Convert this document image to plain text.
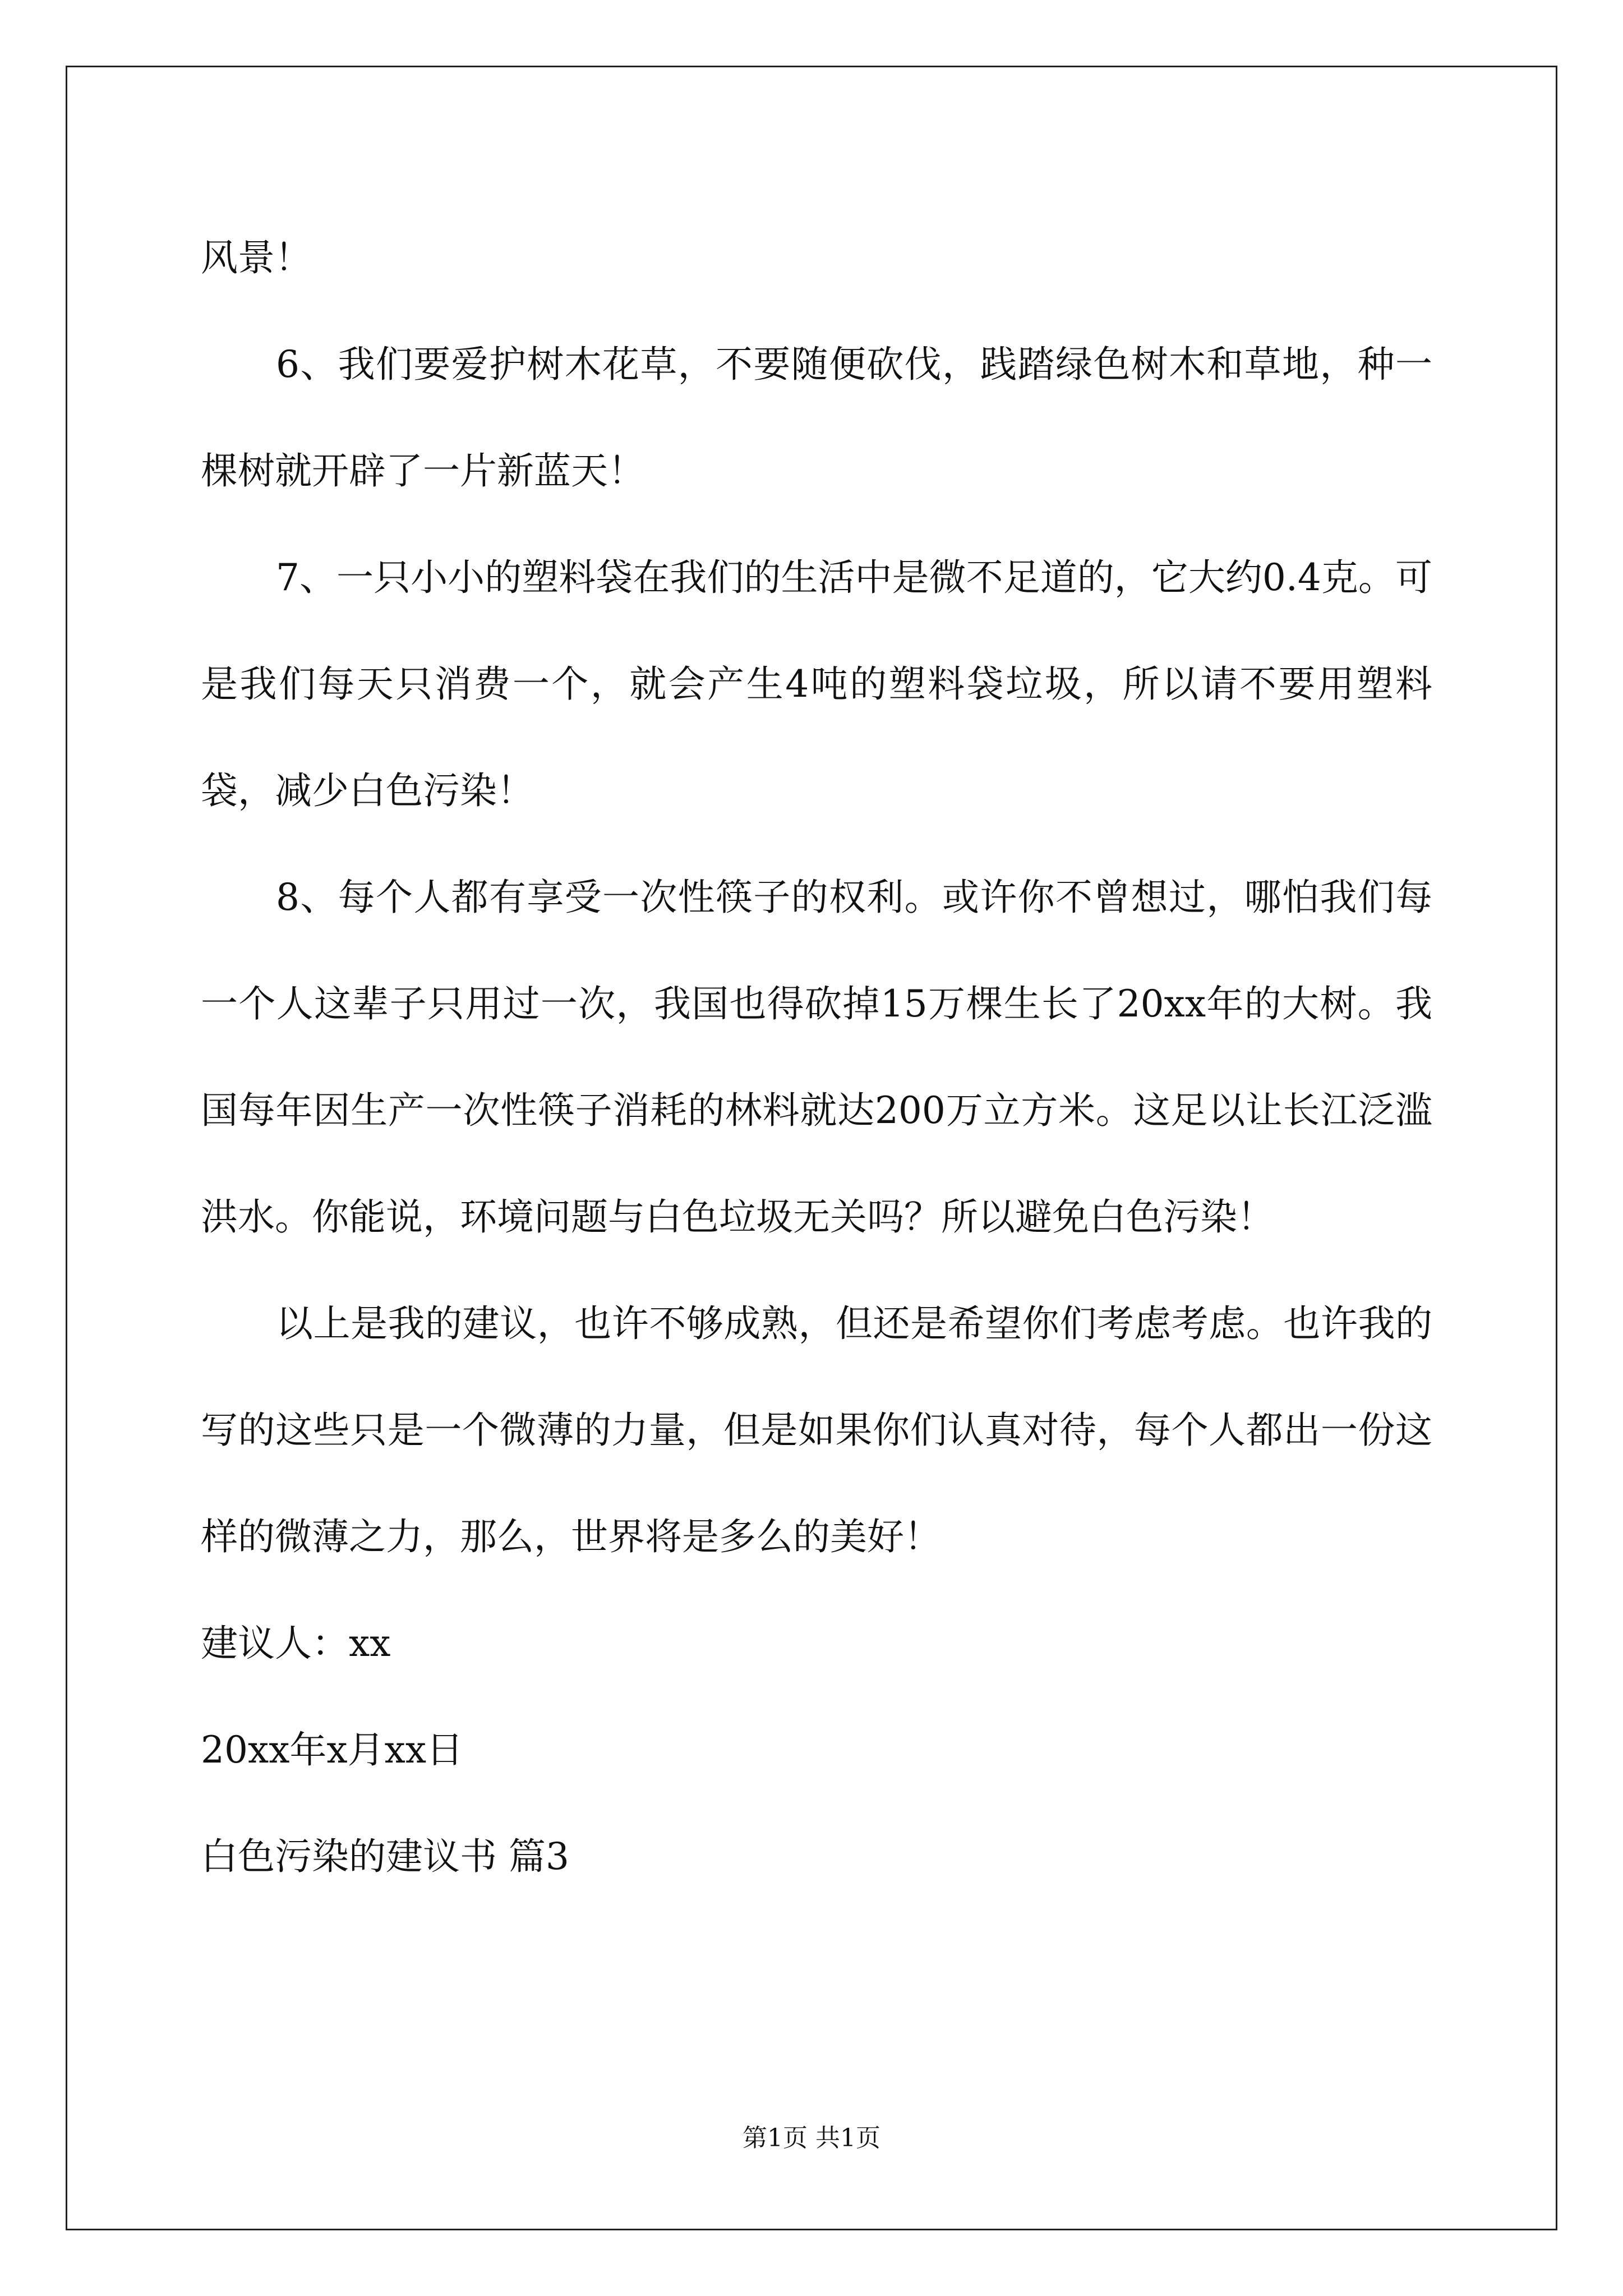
风景！

6、我们要爱护树木花草，不要随便砍伐，践踏绿色树木和草地，种一棵树就开辟了一片新蓝天！

7、一只小小的塑料袋在我们的生活中是微不足道的，它大约0.4克。可是我们每天只消费一个，就会产生4吨的塑料袋垃圾，所以请不要用塑料袋，减少白色污染！

8、每个人都有享受一次性筷子的权利。或许你不曾想过，哪怕我们每一个人这辈子只用过一次，我国也得砍掉15万棵生长了20xx年的大树。我国每年因生产一次性筷子消耗的林料就达200万立方米。这足以让长江泛滥洪水。你能说，环境问题与白色垃圾无关吗？所以避免白色污染！

以上是我的建议，也许不够成熟，但还是希望你们考虑考虑。也许我的写的这些只是一个微薄的力量，但是如果你们认真对待，每个人都出一份这样的微薄之力，那么，世界将是多么的美好！

建议人：xx

20xx年x月xx日

白色污染的建议书 篇3

第1页 共1页
